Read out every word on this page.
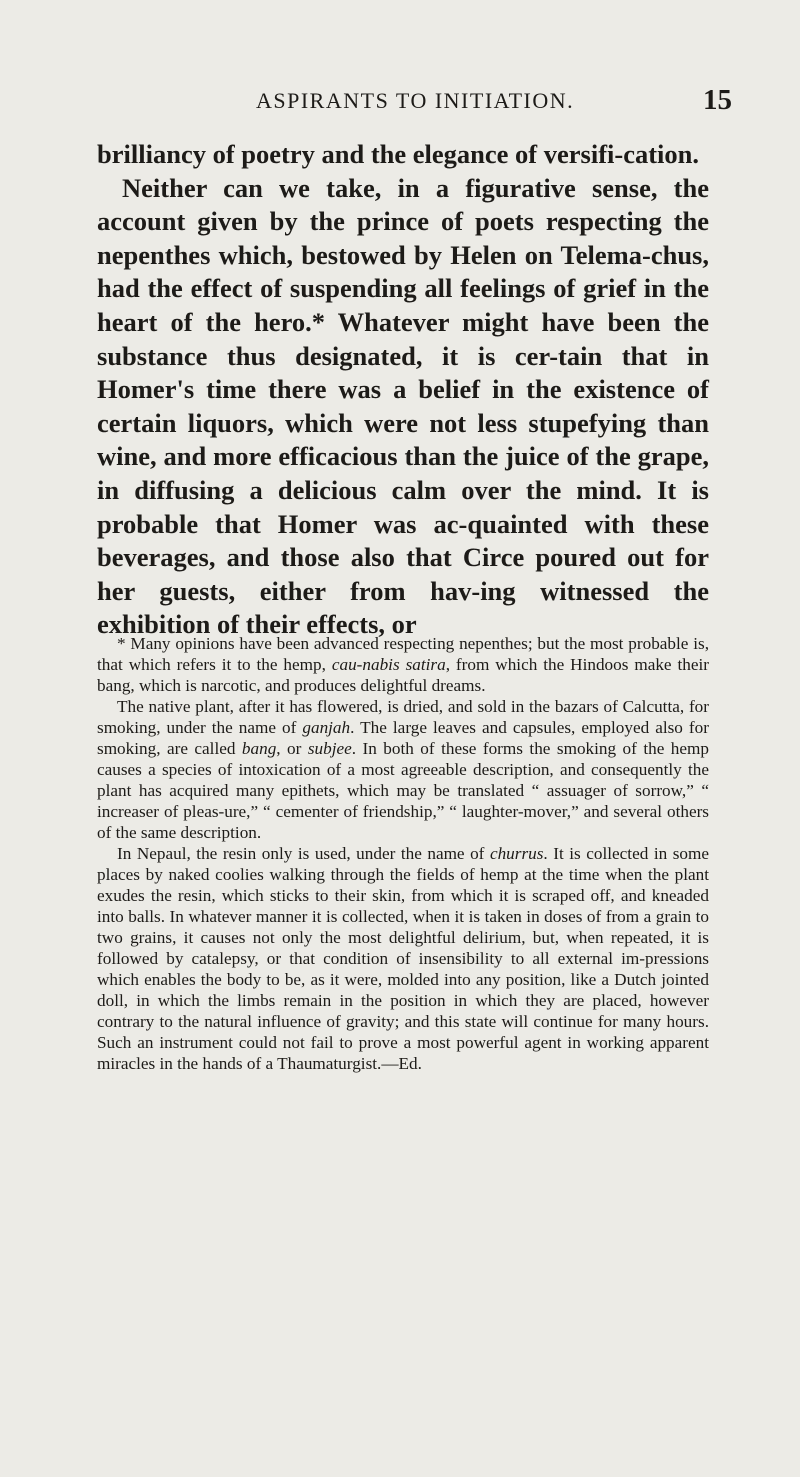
ASPIRANTS TO INITIATION.	15

brilliancy of poetry and the elegance of versifi-cation.

Neither can we take, in a figurative sense, the account given by the prince of poets respecting the nepenthes which, bestowed by Helen on Telema-chus, had the effect of suspending all feelings of grief in the heart of the hero.* Whatever might have been the substance thus designated, it is cer-tain that in Homer's time there was a belief in the existence of certain liquors, which were not less stupefying than wine, and more efficacious than the juice of the grape, in diffusing a delicious calm over the mind. It is probable that Homer was ac-quainted with these beverages, and those also that Circe poured out for her guests, either from hav-ing witnessed the exhibition of their effects, or

* Many opinions have been advanced respecting nepenthes; but the most probable is, that which refers it to the hemp, cau-nabis satira, from which the Hindoos make their bang, which is narcotic, and produces delightful dreams.

The native plant, after it has flowered, is dried, and sold in the bazars of Calcutta, for smoking, under the name of ganjah. The large leaves and capsules, employed also for smoking, are called bang, or subjee. In both of these forms the smoking of the hemp causes a species of intoxication of a most agreeable description, and consequently the plant has acquired many epithets, which may be translated “ assuager of sorrow,” “ increaser of pleas-ure,” “ cementer of friendship,” “ laughter-mover,” and several others of the same description.

In Nepaul, the resin only is used, under the name of churrus. It is collected in some places by naked coolies walking through the fields of hemp at the time when the plant exudes the resin, which sticks to their skin, from which it is scraped off, and kneaded into balls. In whatever manner it is collected, when it is taken in doses of from a grain to two grains, it causes not only the most delightful delirium, but, when repeated, it is followed by catalepsy, or that condition of insensibility to all external im-pressions which enables the body to be, as it were, molded into any position, like a Dutch jointed doll, in which the limbs remain in the position in which they are placed, however contrary to the natural influence of gravity; and this state will continue for many hours. Such an instrument could not fail to prove a most powerful agent in working apparent miracles in the hands of a Thaumaturgist.—Ed.
